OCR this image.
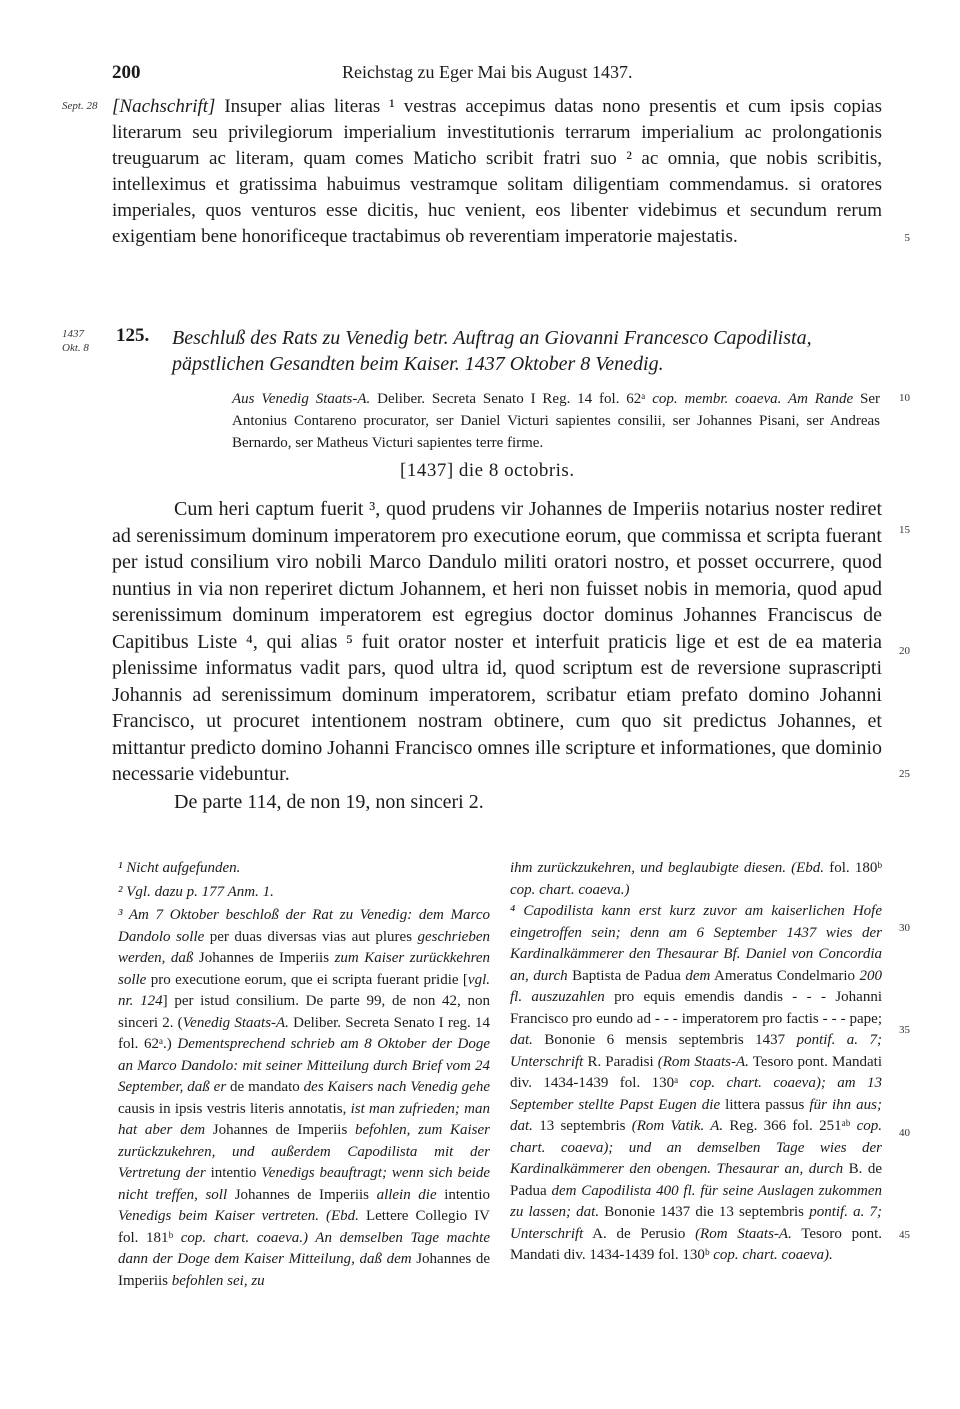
200	Reichstag zu Eger Mai bis August 1437.
Sept. 28 [Nachschrift] Insuper alias literas ¹ vestras accepimus datas nono presentis et cum ipsis copias literarum seu privilegiorum imperialium investitutionis terrarum imperialium ac prolongationis treuguarum ac literam, quam comes Maticho scribit fratri suo ² ac omnia, que nobis scribitis, intelleximus et gratissima habuimus vestramque solitam diligentiam commendamus. si oratores imperiales, quos venturos esse dicitis, huc venient, eos libenter videbimus et secundum rerum exigentiam bene honorificeque tractabimus ob reverentiam imperatorie majestatis.	5
1437
Okt. 8
125. Beschluß des Rats zu Venedig betr. Auftrag an Giovanni Francesco Capodilista,
päpstlichen Gesandten beim Kaiser. 1437 Oktober 8 Venedig.

Aus Venedig Staats-A. Deliber. Secreta Senato I Reg. 14 fol. 62ᵃ cop. membr. coaeva. Am Rande Ser Antonius Contareno procurator, ser Daniel Victuri sapientes consilii, ser Johannes Pisani, ser Andreas Bernardo, ser Matheus Victuri sapientes terre firme.

10
[1437] die 8 octobris.

Cum heri captum fuerit ³, quod prudens vir Johannes de Imperiis notarius noster rediret ad serenissimum dominum imperatorem pro executione eorum, que commissa et scripta fuerant per istud consilium viro nobili Marco Dandulo militi oratori nostro, et posset occurrere, quod nuntius in via non reperiret dictum Johannem, et heri non fuisset nobis in memoria, quod apud serenissimum dominum imperatorem est egregius doctor dominus Johannes Franciscus de Capitibus Liste ⁴, qui alias ⁵ fuit orator noster et interfuit praticis lige et est de ea materia plenissime informatus vadit pars, quod ultra id, quod scriptum est de reversione suprascripti Johannis ad serenissimum dominum imperatorem, scribatur etiam prefato domino Johanni Francisco, ut procuret intentionem nostram obtinere, cum quo sit predictus Johannes, et mittantur predicto domino Johanni Francisco omnes ille scripture et informationes, que dominio necessarie videbuntur.

15
20
25
De parte 114, de non 19, non sinceri 2.

¹ Nicht aufgefunden.

² Vgl. dazu p. 177 Anm. 1.

³ Am 7 Oktober beschloß der Rat zu Venedig: dem Marco Dandolo solle per duas diversas vias aut plures geschrieben werden, daß Johannes de Imperiis zum Kaiser zurückkehren solle pro executione eorum, que ei scripta fuerant pridie [vgl. nr. 124] per istud consilium. De parte 99, de non 42, non sinceri 2. (Venedig Staats-A. Deliber. Secreta Senato I reg. 14 fol. 62ᵃ.) Dementsprechend schrieb am 8 Oktober der Doge an Marco Dandolo: mit seiner Mitteilung durch Brief vom 24 September, daß er de mandato des Kaisers nach Venedig gehe causis in ipsis vestris literis annotatis, ist man zufrieden; man hat aber dem Johannes de Imperiis befohlen, zum Kaiser zurückzukehren, und außerdem Capodilista mit der Vertretung der intentio Venedigs beauftragt; wenn sich beide nicht treffen, soll Johannes de Imperiis allein die intentio Venedigs beim Kaiser vertreten. (Ebd. Lettere Collegio IV fol. 181ᵇ cop. chart. coaeva.) An demselben Tage machte dann der Doge dem Kaiser Mitteilung, daß dem Johannes de Imperiis befohlen sei, zu

ihm zurückzukehren, und beglaubigte diesen. (Ebd. fol. 180ᵇ cop. chart. coaeva.)

⁴ Capodilista kann erst kurz zuvor am kaiserlichen Hofe eingetroffen sein; denn am 6 September 1437 wies der Kardinalkämmerer den Thesaurar Bf. Daniel von Concordia an, durch Baptista de Padua dem Ameratus Condelmario 200 fl. auszuzahlen pro equis emendis dandis - - - Johanni Francisco pro eundo ad - - - imperatorem pro factis - - - pape; dat. Bononie 6 mensis septembris 1437 pontif. a. 7; Unterschrift R. Paradisi (Rom Staats-A. Tesoro pont. Mandati div. 1434-1439 fol. 130ᵃ cop. chart. coaeva); am 13 September stellte Papst Eugen die littera passus für ihn aus; dat. 13 septembris (Rom Vatik. A. Reg. 366 fol. 251ᵃᵇ cop. chart. coaeva); und an demselben Tage wies der Kardinalkämmerer den obengen. Thesaurar an, durch B. de Padua dem Capodilista 400 fl. für seine Auslagen zukommen zu lassen; dat. Bononie 1437 die 13 septembris pontif. a. 7; Unterschrift A. de Perusio (Rom Staats-A. Tesoro pont. Mandati div. 1434-1439 fol. 130ᵇ cop. chart. coaeva).

30
35
40
45
